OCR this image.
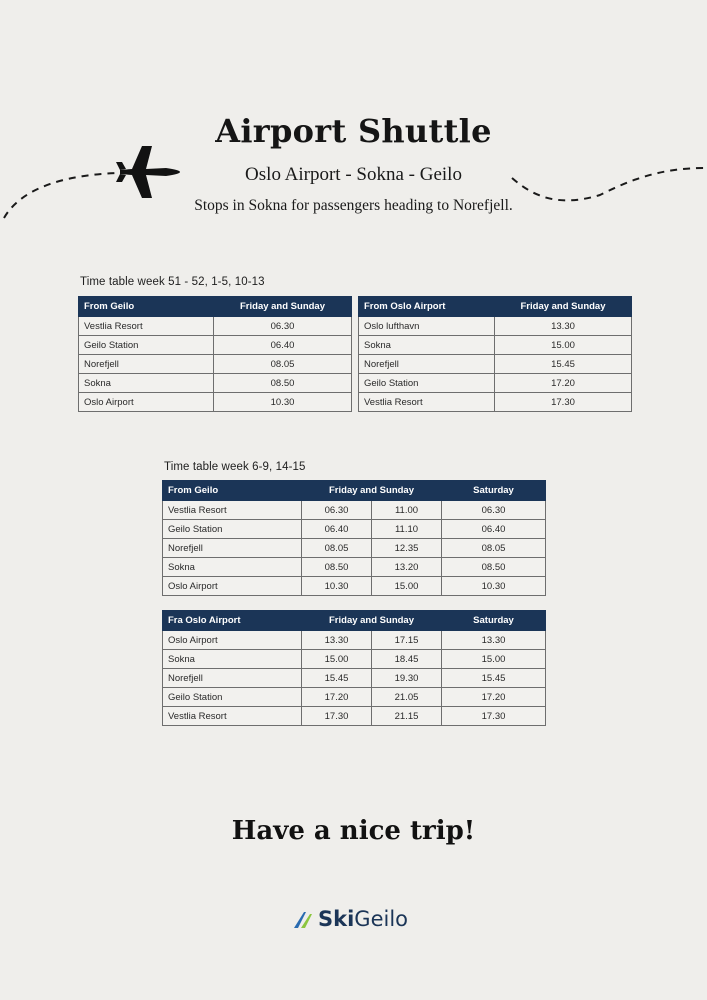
Airport Shuttle
Oslo Airport - Sokna - Geilo
Stops in Sokna for passengers heading to Norefjell.
Time table week 51 - 52, 1-5, 10-13
From Geilo	Friday and Sunday
Vestlia Resort	06.30
Geilo Station	06.40
Norefjell	08.05
Sokna	08.50
Oslo Airport	10.30
From Oslo Airport	Friday and Sunday
Oslo lufthavn	13.30
Sokna	15.00
Norefjell	15.45
Geilo Station	17.20
Vestlia Resort	17.30
Time table week 6-9, 14-15
From Geilo	Friday and Sunday		Saturday
Vestlia Resort	06.30	11.00	06.30
Geilo Station	06.40	11.10	06.40
Norefjell	08.05	12.35	08.05
Sokna	08.50	13.20	08.50
Oslo Airport	10.30	15.00	10.30
Fra Oslo Airport	Friday and Sunday		Saturday
Oslo Airport	13.30	17.15	13.30
Sokna	15.00	18.45	15.00
Norefjell	15.45	19.30	15.45
Geilo Station	17.20	21.05	17.20
Vestlia Resort	17.30	21.15	17.30
Have a nice trip!
Ski Geilo
